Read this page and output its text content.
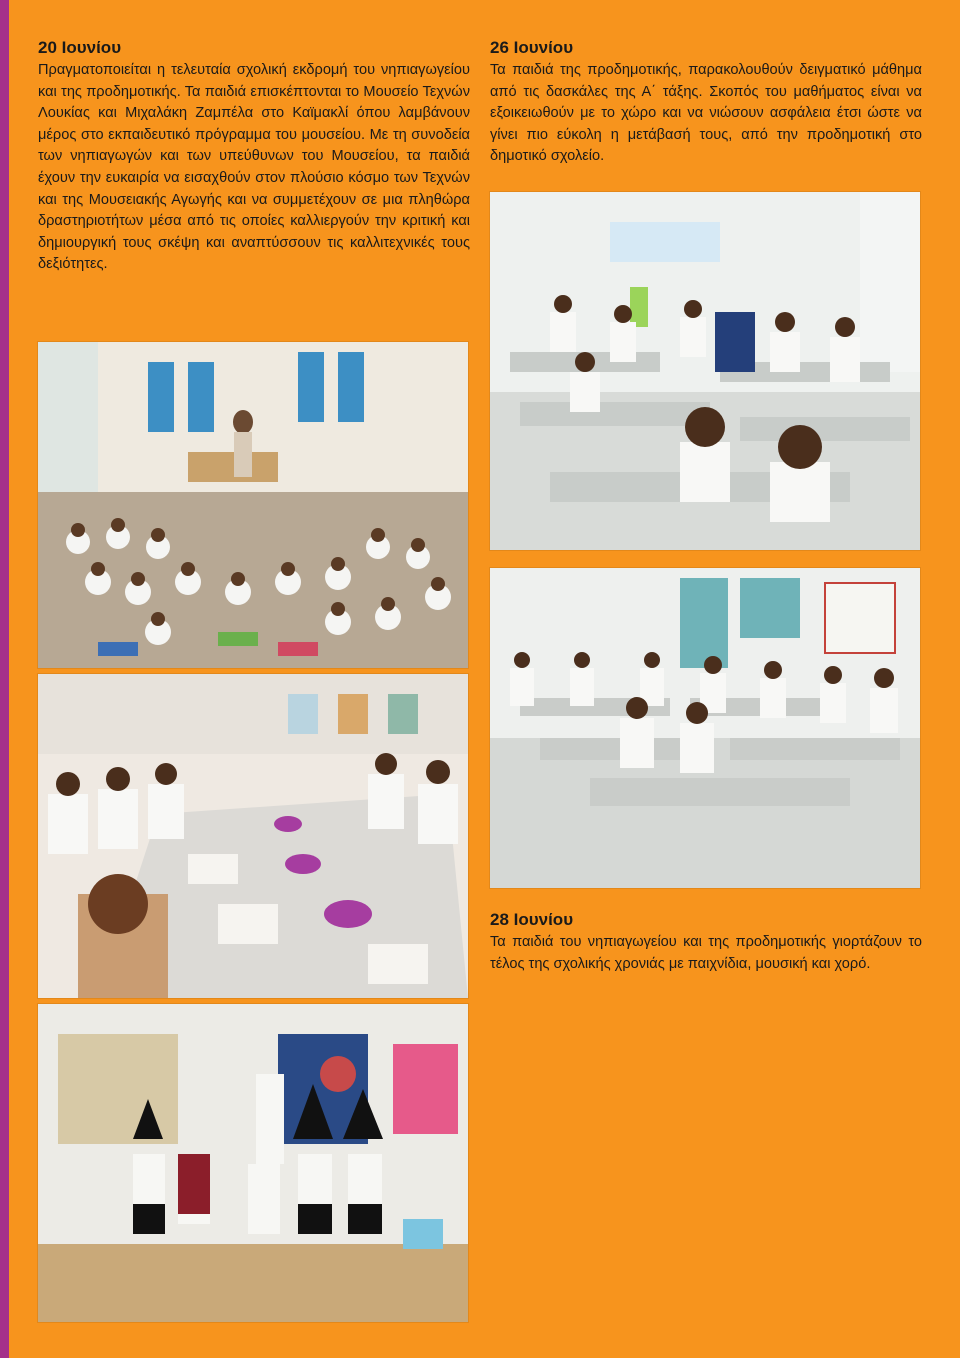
20 Ιουνίου

Πραγματοποιείται η τελευταία σχολική εκδρομή του νηπιαγωγείου και της προδημοτικής. Τα παιδιά επισκέπτονται το Μουσείο Τεχνών Λουκίας και Μιχαλάκη Ζαμπέλα στο Καϊμακλί όπου λαμβάνουν μέρος στο εκπαιδευτικό πρόγραμμα του μουσείου. Με τη συνοδεία των νηπιαγωγών και των υπεύθυνων του Μουσείου, τα παιδιά έχουν την ευκαιρία να εισαχθούν στον πλούσιο κόσμο των Τεχνών και της Μουσειακής Αγωγής και να συμμετέχουν σε μια πληθώρα δραστηριοτήτων μέσα από τις οποίες καλλιεργούν την κριτική και δημιουργική τους σκέψη και αναπτύσσουν τις καλλιτεχνικές τους δεξιότητες.

26 Ιουνίου

Τα παιδιά της προδημοτικής, παρακολουθούν δειγματικό μάθημα από τις δασκάλες της Α΄ τάξης. Σκοπός του μαθήματος είναι να εξοικειωθούν με το χώρο και να νιώσουν ασφάλεια έτσι ώστε να γίνει πιο εύκολη η μετάβασή τους, από την προδημοτική στο δημοτικό σχολείο.

28 Ιουνίου

Τα παιδιά του νηπιαγωγείου και της προδημοτικής γιορτάζουν το τέλος της σχολικής χρονιάς με παιχνίδια, μουσική και χορό.
